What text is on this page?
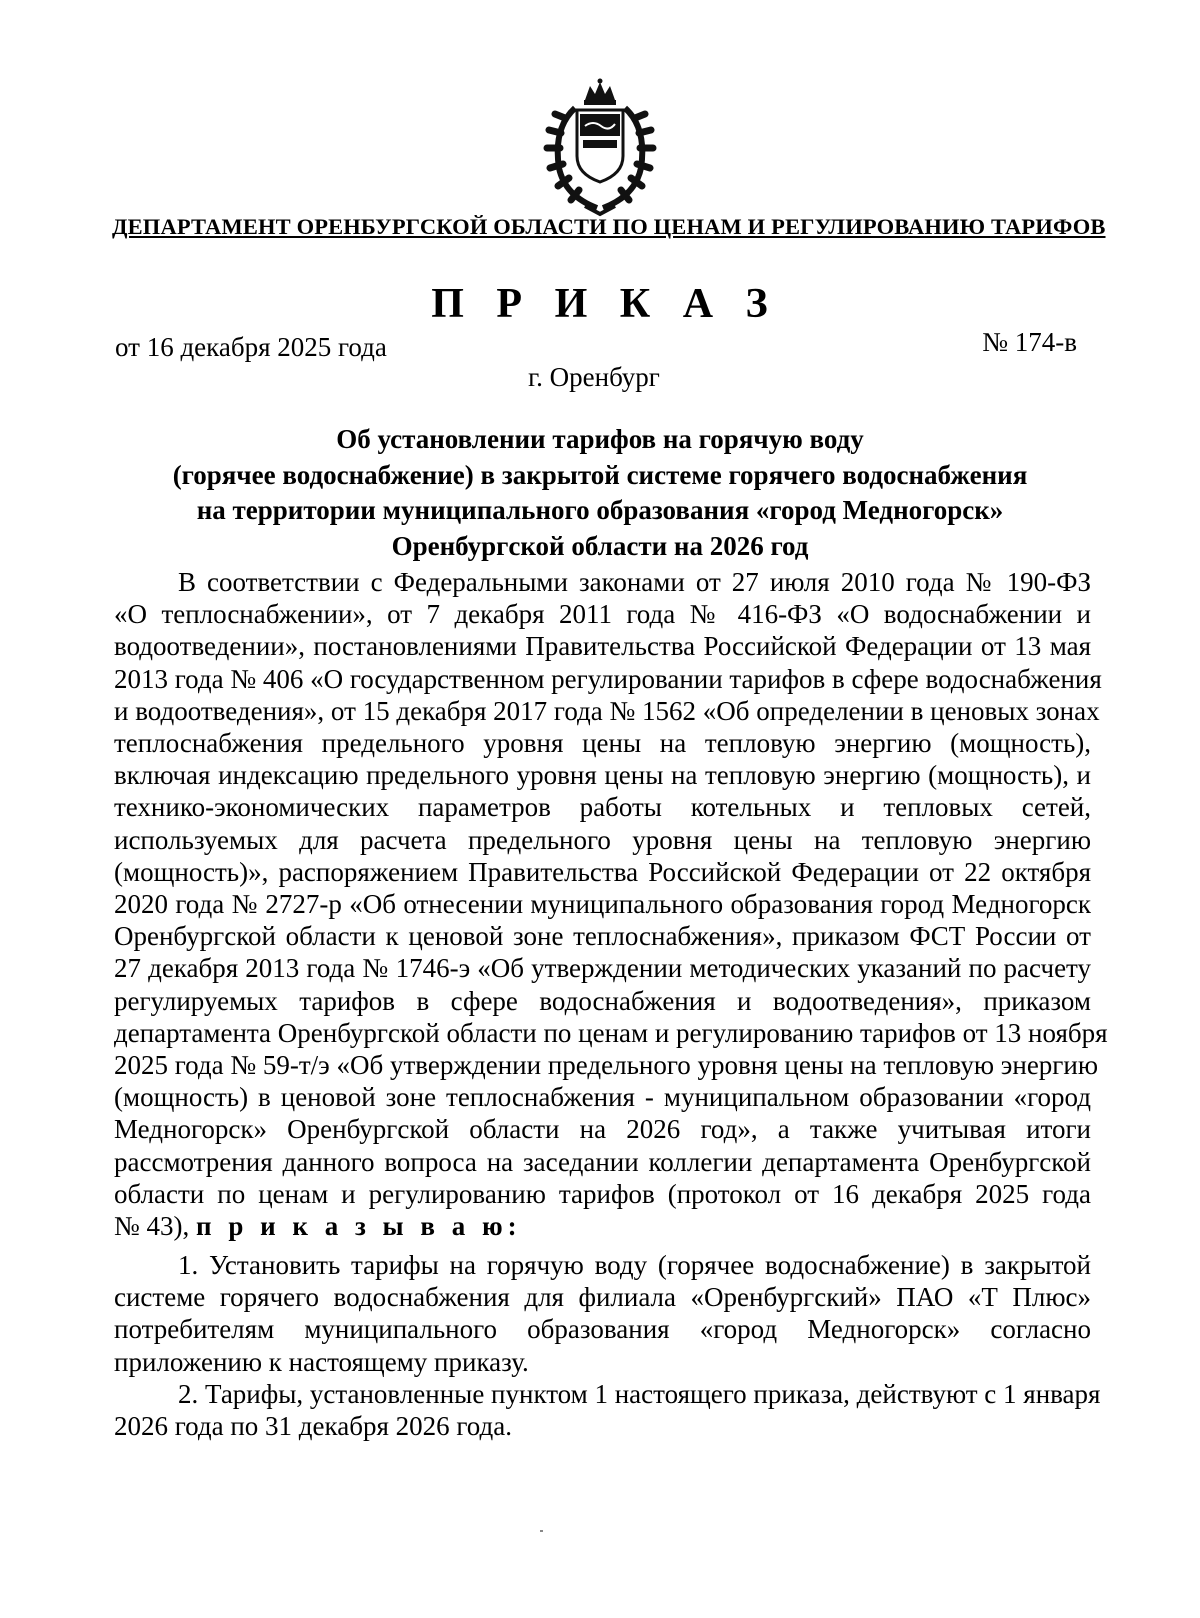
ДЕПАРТАМЕНТ ОРЕНБУРГСКОЙ ОБЛАСТИ ПО ЦЕНАМ И РЕГУЛИРОВАНИЮ ТАРИФОВ
П Р И К А З
от 16 декабря 2025 года	№ 174-в
г. Оренбург
Об установлении тарифов на горячую воду
(горячее водоснабжение) в закрытой системе горячего водоснабжения
на территории муниципального образования «город Медногорск»
Оренбургской области на 2026 год
В соответствии с Федеральными законами от 27 июля 2010 года № 190-ФЗ
«О теплоснабжении», от 7 декабря 2011 года № 416-ФЗ «О водоснабжении и
водоотведении», постановлениями Правительства Российской Федерации от 13 мая
2013 года № 406 «О государственном регулировании тарифов в сфере водоснабжения
и водоотведения», от 15 декабря 2017 года № 1562 «Об определении в ценовых зонах
теплоснабжения предельного уровня цены на тепловую энергию (мощность),
включая индексацию предельного уровня цены на тепловую энергию (мощность), и
технико-экономических параметров работы котельных и тепловых сетей,
используемых для расчета предельного уровня цены на тепловую энергию
(мощность)», распоряжением Правительства Российской Федерации от 22 октября
2020 года № 2727-р «Об отнесении муниципального образования город Медногорск
Оренбургской области к ценовой зоне теплоснабжения», приказом ФСТ России от
27 декабря 2013 года № 1746-э «Об утверждении методических указаний по расчету
регулируемых тарифов в сфере водоснабжения и водоотведения», приказом
департамента Оренбургской области по ценам и регулированию тарифов от 13 ноября
2025 года № 59-т/э «Об утверждении предельного уровня цены на тепловую энергию
(мощность) в ценовой зоне теплоснабжения - муниципальном образовании «город
Медногорск» Оренбургской области на 2026 год», а также учитывая итоги
рассмотрения данного вопроса на заседании коллегии департамента Оренбургской
области по ценам и регулированию тарифов (протокол от 16 декабря 2025 года
№ 43), п р и к а з ы в а ю:
1. Установить тарифы на горячую воду (горячее водоснабжение) в закрытой
системе горячего водоснабжения для филиала «Оренбургский» ПАО «Т Плюс»
потребителям муниципального образования «город Медногорск» согласно
приложению к настоящему приказу.
2. Тарифы, установленные пунктом 1 настоящего приказа, действуют с 1 января
2026 года по 31 декабря 2026 года.
